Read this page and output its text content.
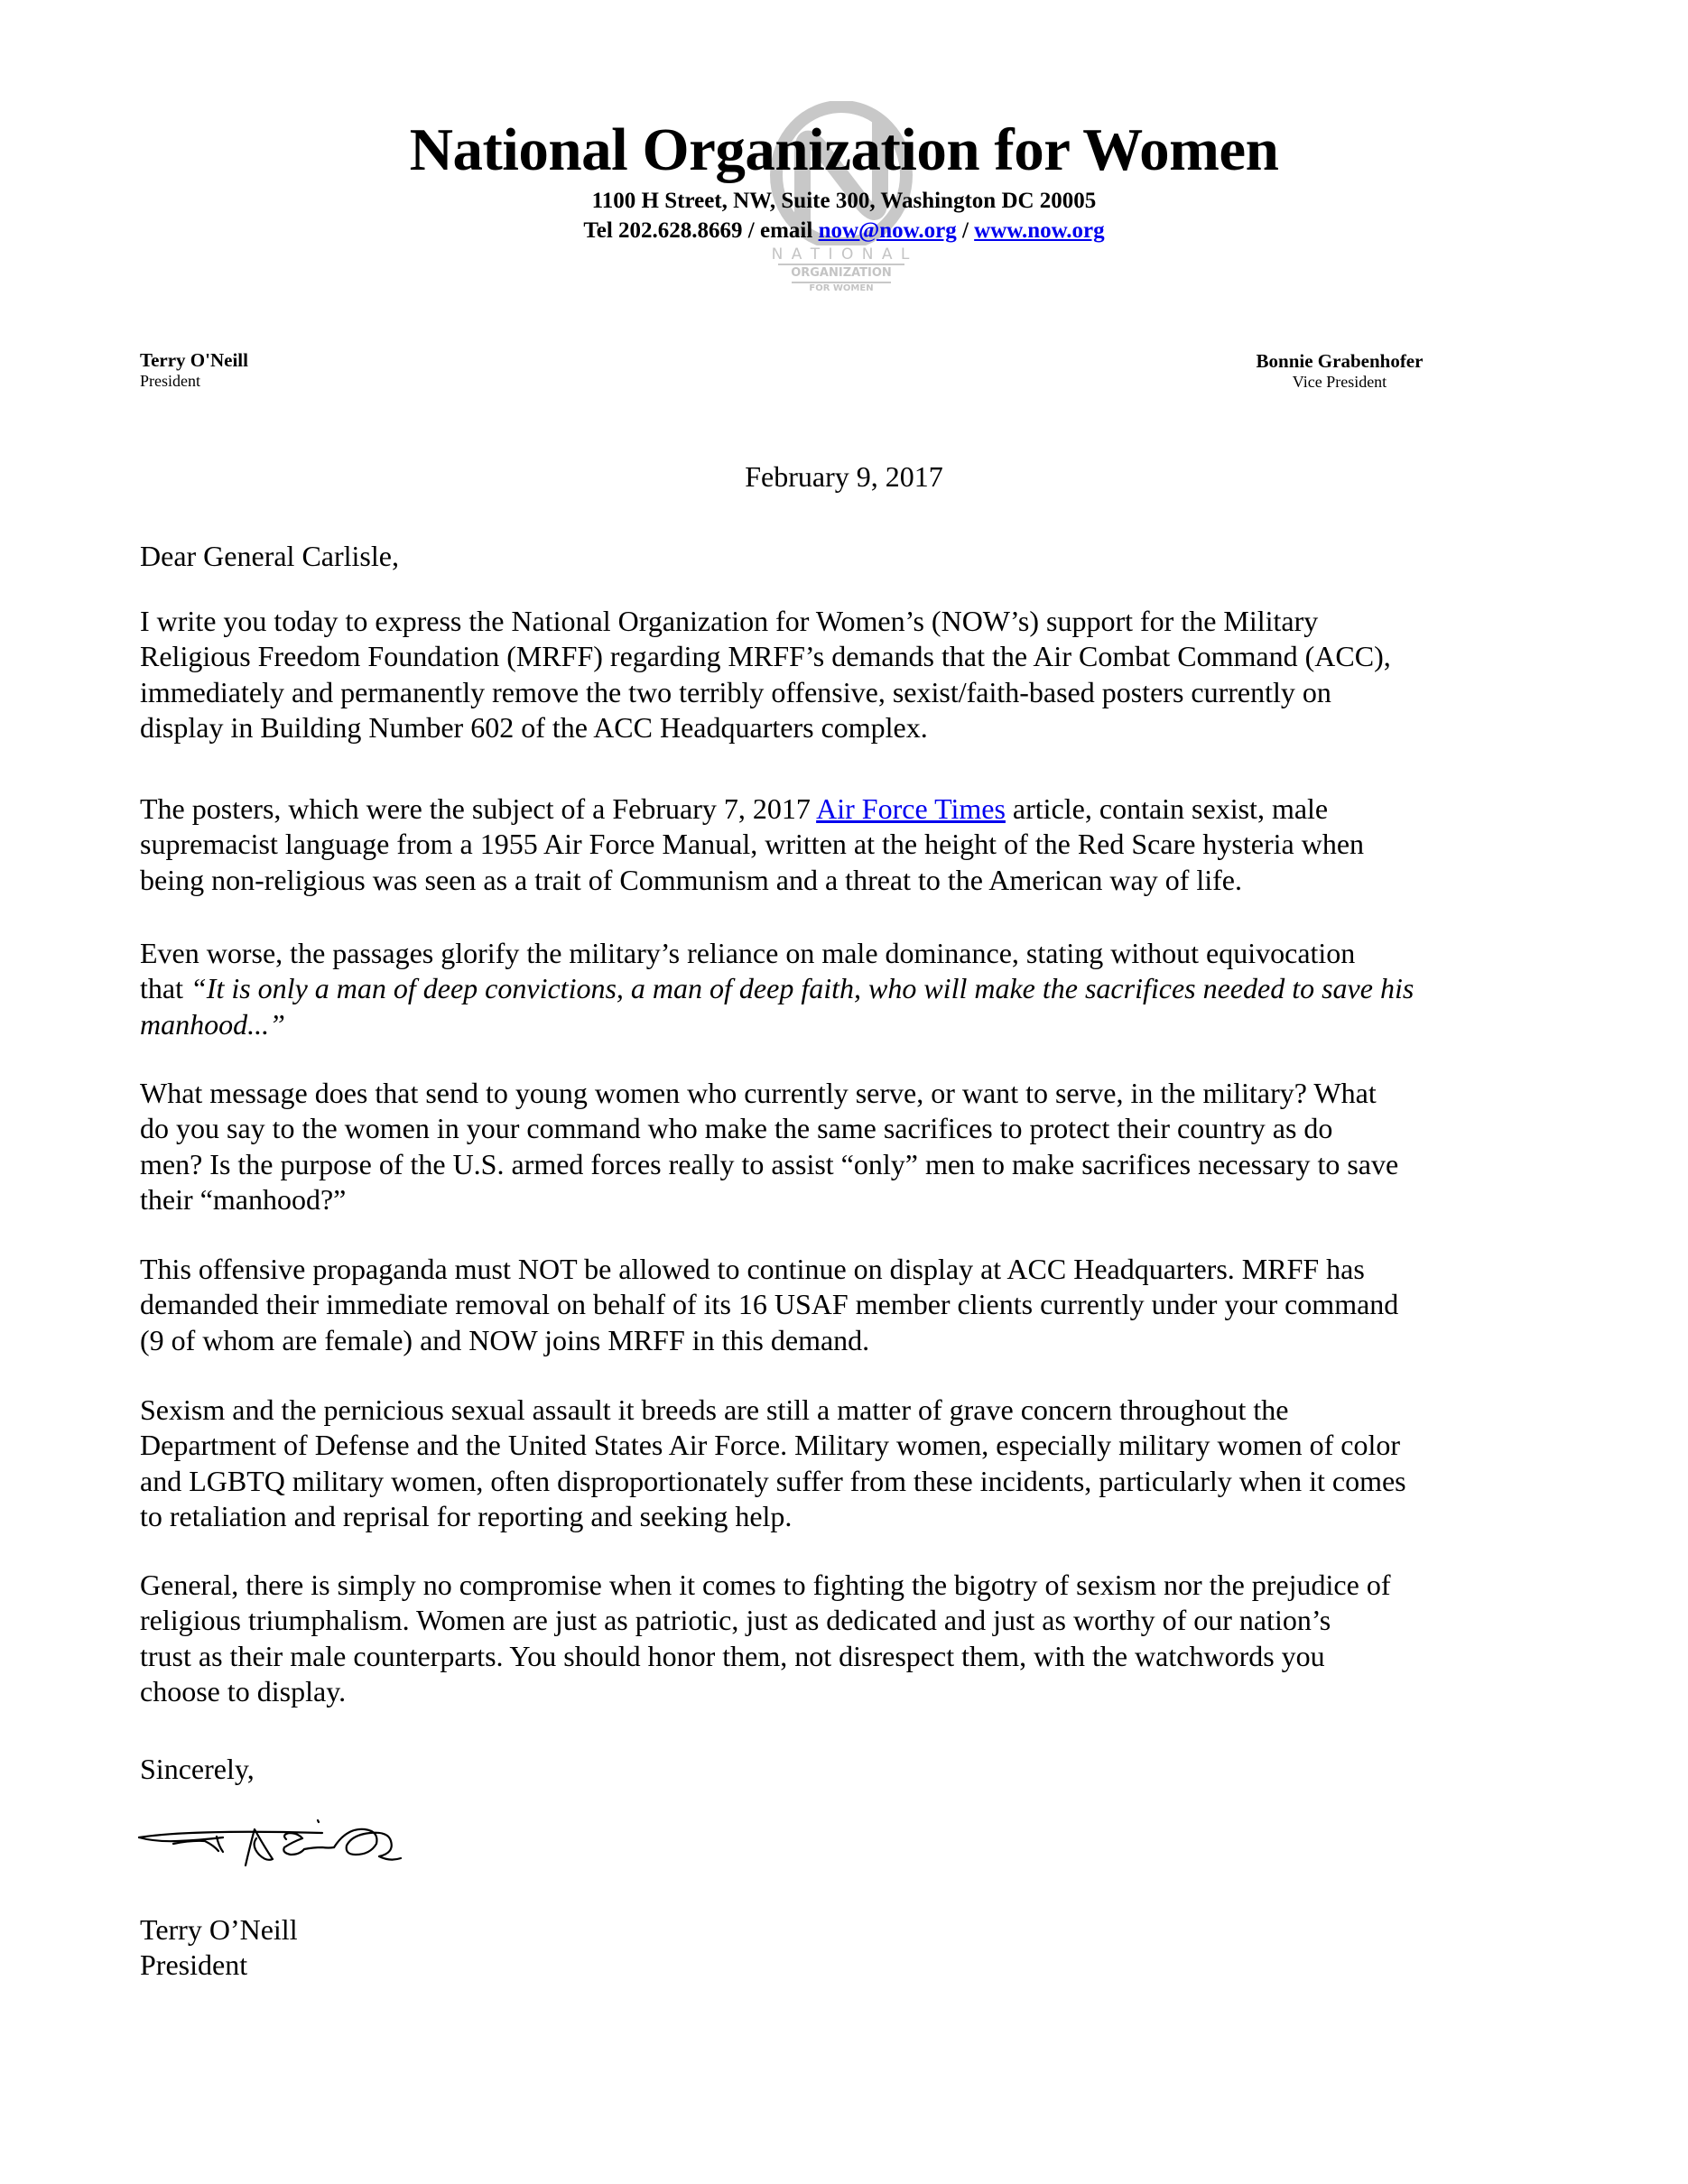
N A T I O N A L
ORGANIZATION
FOR WOMEN
National Organization for Women
1100 H Street, NW, Suite 300, Washington DC 20005
Tel 202.628.8669 / email now@now.org / www.now.org
Terry O'Neill
President
Bonnie Grabenhofer
Vice President
February 9, 2017
Dear General Carlisle,
I write you today to express the National Organization for Women’s (NOW’s) support for the Military
Religious Freedom Foundation (MRFF) regarding MRFF’s demands that the Air Combat Command (ACC),
immediately and permanently remove the two terribly offensive, sexist/faith-based posters currently on
display in Building Number 602 of the ACC Headquarters complex.
The posters, which were the subject of a February 7, 2017 Air Force Times article, contain sexist, male
supremacist language from a 1955 Air Force Manual, written at the height of the Red Scare hysteria when
being non-religious was seen as a trait of Communism and a threat to the American way of life.
Even worse, the passages glorify the military’s reliance on male dominance, stating without equivocation
that “It is only a man of deep convictions, a man of deep faith, who will make the sacrifices needed to save his
manhood...”
What message does that send to young women who currently serve, or want to serve, in the military? What
do you say to the women in your command who make the same sacrifices to protect their country as do
men? Is the purpose of the U.S. armed forces really to assist “only” men to make sacrifices necessary to save
their “manhood?”
This offensive propaganda must NOT be allowed to continue on display at ACC Headquarters. MRFF has
demanded their immediate removal on behalf of its 16 USAF member clients currently under your command
(9 of whom are female) and NOW joins MRFF in this demand.
Sexism and the pernicious sexual assault it breeds are still a matter of grave concern throughout the
Department of Defense and the United States Air Force. Military women, especially military women of color
and LGBTQ military women, often disproportionately suffer from these incidents, particularly when it comes
to retaliation and reprisal for reporting and seeking help.
General, there is simply no compromise when it comes to fighting the bigotry of sexism nor the prejudice of
religious triumphalism. Women are just as patriotic, just as dedicated and just as worthy of our nation’s
trust as their male counterparts. You should honor them, not disrespect them, with the watchwords you
choose to display.
Sincerely,
Terry O’Neill
President
